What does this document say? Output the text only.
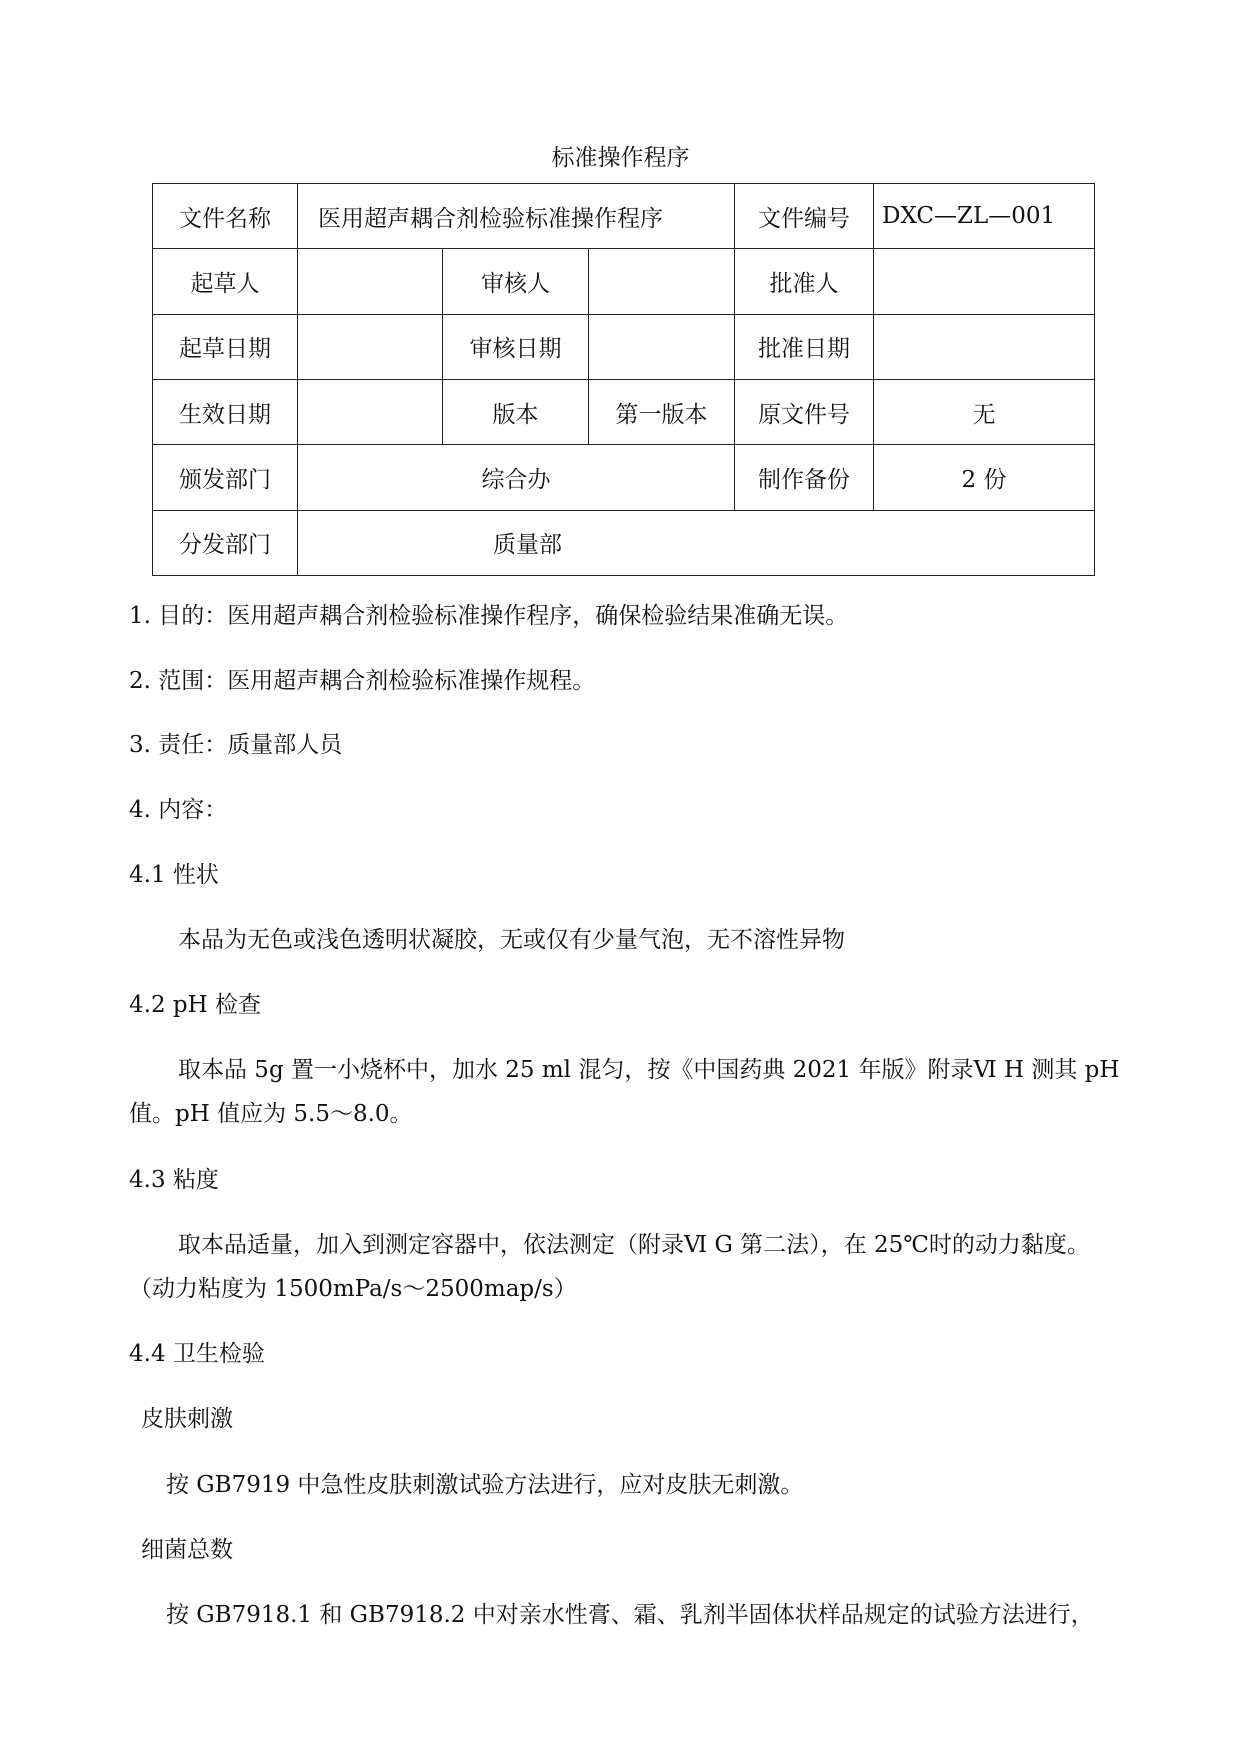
标准操作程序
文件名称	医用超声耦合剂检验标准操作程序			文件编号	DXC—ZL—001
起草人		审核人		批准人	
起草日期		审核日期		批准日期	
生效日期		版本	第一版本	原文件号	无
颁发部门	综合办			制作备份	2 份
分发部门	质量部				
1. 目的：医用超声耦合剂检验标准操作程序，确保检验结果准确无误。
2. 范围：医用超声耦合剂检验标准操作规程。
3. 责任：质量部人员
4. 内容：
4.1 性状
本品为无色或浅色透明状凝胶，无或仅有少量气泡，无不溶性异物
4.2 pH 检查
取本品 5g 置一小烧杯中，加水 25 ml 混匀，按《中国药典 2021 年版》附录Ⅵ H 测其 pH
值。pH 值应为 5.5～8.0。
4.3 粘度
取本品适量，加入到测定容器中，依法测定（附录Ⅵ G 第二法），在 25℃时的动力黏度。
（动力粘度为 1500mPa/s～2500map/s）
4.4 卫生检验
皮肤刺激
按 GB7919 中急性皮肤刺激试验方法进行，应对皮肤无刺激。
细菌总数
按 GB7918.1 和 GB7918.2 中对亲水性膏、霜、乳剂半固体状样品规定的试验方法进行，
